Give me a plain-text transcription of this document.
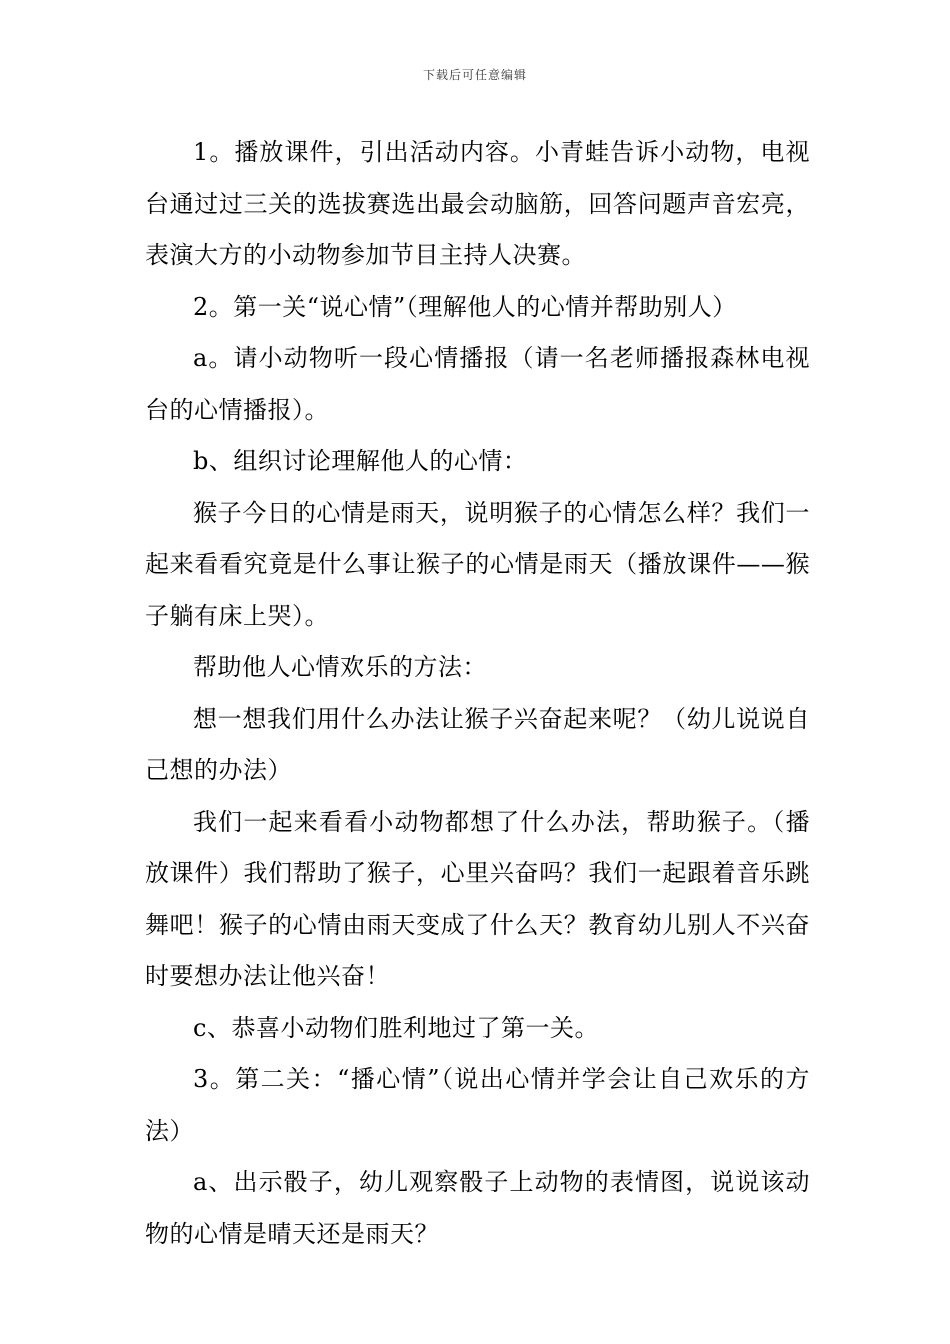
下载后可任意编辑

1。播放课件，引出活动内容。小青蛙告诉小动物，电视台通过过三关的选拔赛选出最会动脑筋，回答问题声音宏亮，表演大方的小动物参加节目主持人决赛。

2。第一关“说心情”（理解他人的心情并帮助别人）

a。请小动物听一段心情播报（请一名老师播报森林电视台的心情播报）。

b、组织讨论理解他人的心情：

猴子今日的心情是雨天，说明猴子的心情怎么样？我们一起来看看究竟是什么事让猴子的心情是雨天（播放课件——猴子躺有床上哭）。

帮助他人心情欢乐的方法：

想一想我们用什么办法让猴子兴奋起来呢？（幼儿说说自己想的办法）

我们一起来看看小动物都想了什么办法，帮助猴子。（播放课件）我们帮助了猴子，心里兴奋吗？我们一起跟着音乐跳舞吧！猴子的心情由雨天变成了什么天？教育幼儿别人不兴奋时要想办法让他兴奋！

c、恭喜小动物们胜利地过了第一关。

3。第二关：“播心情”（说出心情并学会让自己欢乐的方法）

a、出示骰子，幼儿观察骰子上动物的表情图，说说该动物的心情是晴天还是雨天？
